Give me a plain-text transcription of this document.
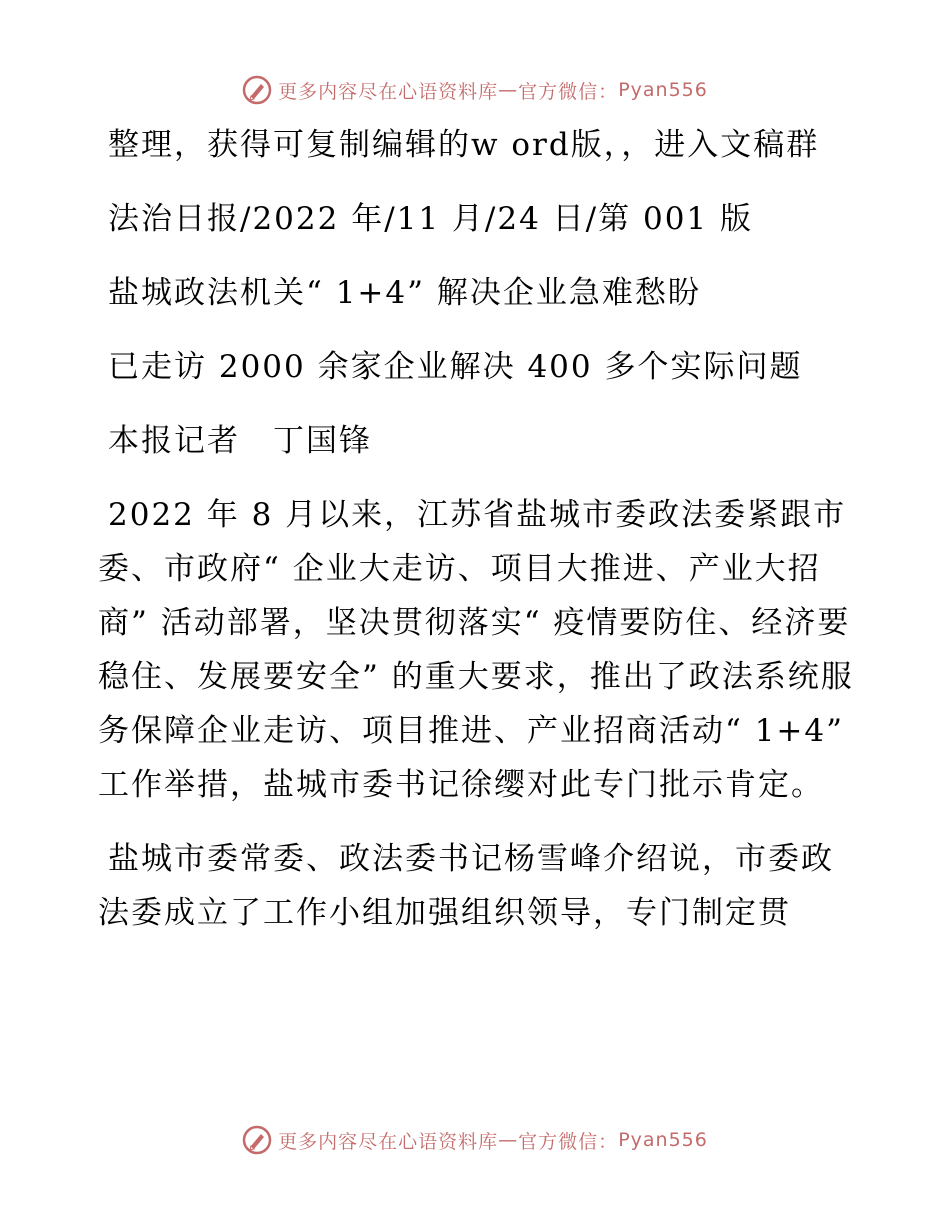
更多内容尽在心语资料库 — 官方微信： Pyan556

整理，获得可复制编辑的w ord版，，进入文稿群

法治日报/2022 年/11 月/24 日/第 001 版

盐城政法机关“ 1+4” 解决企业急难愁盼

已走访 2000 余家企业解决 400 多个实际问题

本报记者　丁国锋

2022 年 8 月以来，江苏省盐城市委政法委紧跟市委、市政府“ 企业大走访、项目大推进、产业大招商” 活动部署，坚决贯彻落实“ 疫情要防住、经济要稳住、发展要安全” 的重大要求，推出了政法系统服务保障企业走访、项目推进、产业招商活动“ 1+4” 工作举措，盐城市委书记徐缨对此专门批示肯定。

盐城市委常委、政法委书记杨雪峰介绍说，市委政法委成立了工作小组加强组织领导，专门制定贯

更多内容尽在心语资料库 — 官方微信： Pyan556
